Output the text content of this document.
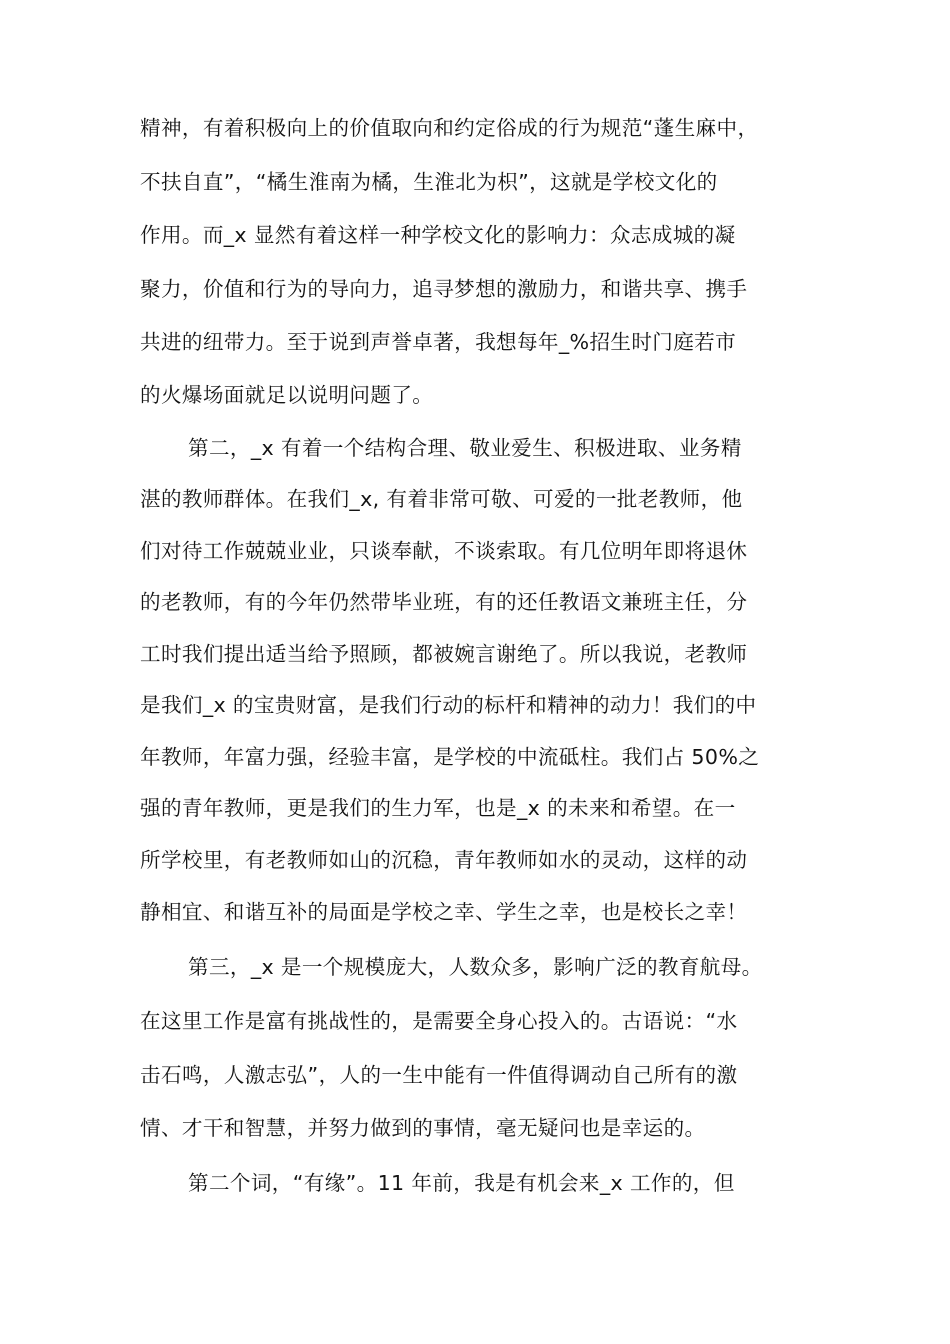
精神，有着积极向上的价值取向和约定俗成的行为规范“蓬生麻中，
不扶自直”，“橘生淮南为橘，生淮北为枳”，这就是学校文化的
作用。而_x 显然有着这样一种学校文化的影响力：众志成城的凝
聚力，价值和行为的导向力，追寻梦想的激励力，和谐共享、携手
共进的纽带力。至于说到声誉卓著，我想每年_%招生时门庭若市
的火爆场面就足以说明问题了。
第二，_x 有着一个结构合理、敬业爱生、积极进取、业务精
湛的教师群体。在我们_x, 有着非常可敬、可爱的一批老教师，他
们对待工作兢兢业业，只谈奉献，不谈索取。有几位明年即将退休
的老教师，有的今年仍然带毕业班，有的还任教语文兼班主任，分
工时我们提出适当给予照顾，都被婉言谢绝了。所以我说，老教师
是我们_x 的宝贵财富，是我们行动的标杆和精神的动力！我们的中
年教师，年富力强，经验丰富，是学校的中流砥柱。我们占 50%之
强的青年教师，更是我们的生力军，也是_x 的未来和希望。在一
所学校里，有老教师如山的沉稳，青年教师如水的灵动，这样的动
静相宜、和谐互补的局面是学校之幸、学生之幸，也是校长之幸！
第三，_x 是一个规模庞大，人数众多，影响广泛的教育航母。
在这里工作是富有挑战性的，是需要全身心投入的。古语说：“水
击石鸣，人激志弘”，人的一生中能有一件值得调动自己所有的激
情、才干和智慧，并努力做到的事情，毫无疑问也是幸运的。
第二个词，“有缘”。11 年前，我是有机会来_x 工作的，但
